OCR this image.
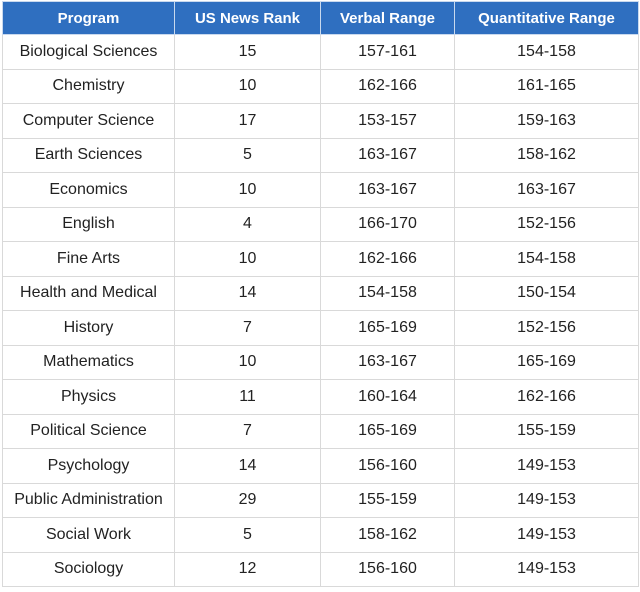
Program	US News Rank	Verbal Range	Quantitative Range
Biological Sciences	15	157-161	154-158
Chemistry	10	162-166	161-165
Computer Science	17	153-157	159-163
Earth Sciences	5	163-167	158-162
Economics	10	163-167	163-167
English	4	166-170	152-156
Fine Arts	10	162-166	154-158
Health and Medical	14	154-158	150-154
History	7	165-169	152-156
Mathematics	10	163-167	165-169
Physics	11	160-164	162-166
Political Science	7	165-169	155-159
Psychology	14	156-160	149-153
Public Administration	29	155-159	149-153
Social Work	5	158-162	149-153
Sociology	12	156-160	149-153
